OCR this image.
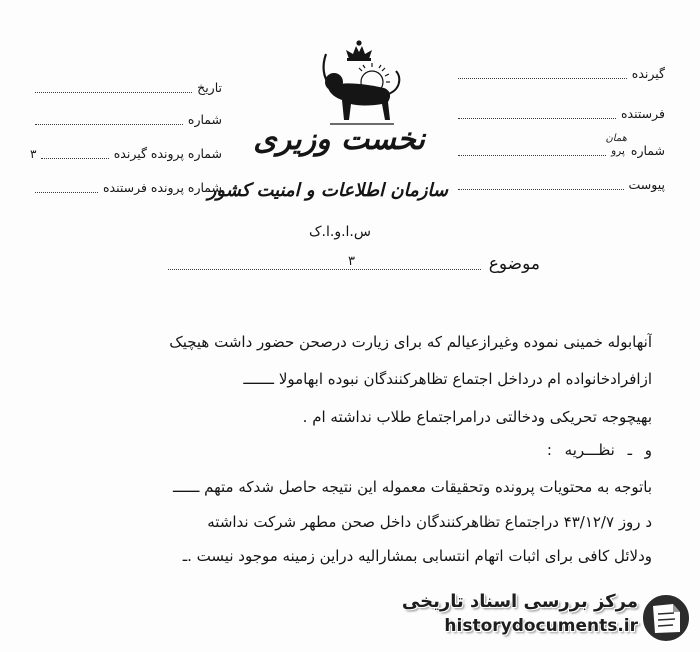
گیرنده
فرستنده
شماره
همان
پرو
پیوست
تاریخ
شماره
شماره پرونده گیرنده
۳
شماره پرونده فرستنده
نخست وزیری
سازمان اطلاعات و امنیت کشور
س.ا.و.ا.ک
موضوع
۳
آنهابوله خمینی نموده وغیرازعیالم که برای زیارت درصحن حضور داشت هیچیک
ازافرادخانواده ام درداخل اجتماع تظاهرکنندگان نبوده ابهامولا ـــــــ
بهیچوجه تحریکی ودخالتی درامراجتماع طلاب نداشته ام .
و ـ نظـــریه :
باتوجه به محتویات پرونده وتحقیقات معموله این نتیجه حاصل شدکه متهم ــــــ
د روز ۴۳/۱۲/۷ دراجتماع تظاهرکنندگان داخل صحن مطهر شرکت نداشته
ودلائل کافی برای اثبات اتهام انتسابی بمشارالیه دراین زمینه موجود نیست .ـ
مرکز بررسی اسناد تاریخی
historydocuments.ir
